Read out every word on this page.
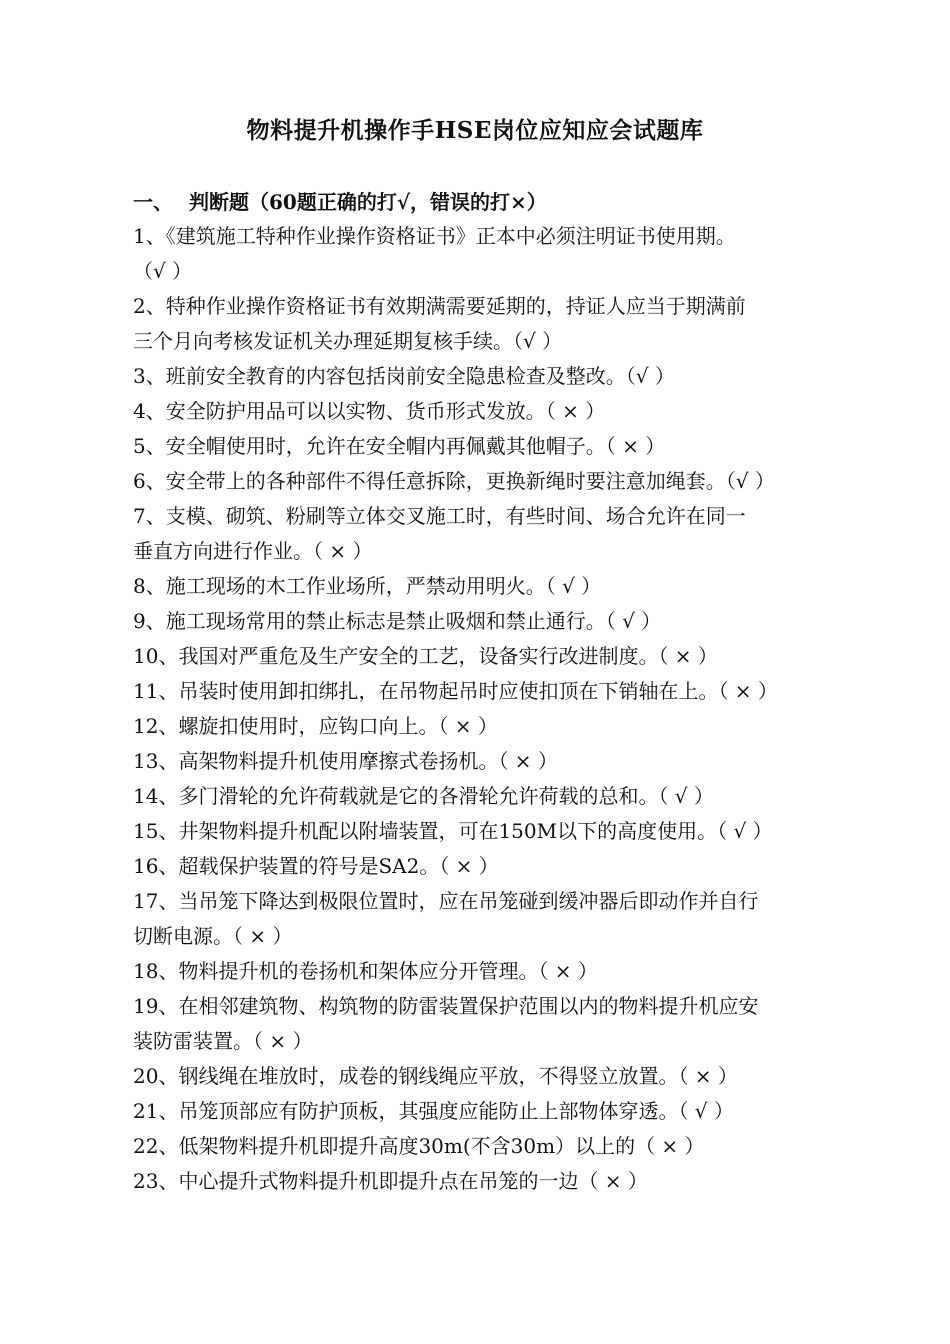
物料提升机操作手HSE岗位应知应会试题库
一、 判断题（60题正确的打√，错误的打×）
1、《建筑施工特种作业操作资格证书》正本中必须注明证书使用期。
（√ ）
2、特种作业操作资格证书有效期满需要延期的，持证人应当于期满前
三个月向考核发证机关办理延期复核手续。（√ ）
3、班前安全教育的内容包括岗前安全隐患检查及整改。（√ ）
4、安全防护用品可以以实物、货币形式发放。（ × ）
5、安全帽使用时，允许在安全帽内再佩戴其他帽子。（ × ）
6、安全带上的各种部件不得任意拆除，更换新绳时要注意加绳套。（√ ）
7、支模、砌筑、粉刷等立体交叉施工时，有些时间、场合允许在同一
垂直方向进行作业。（ × ）
8、施工现场的木工作业场所，严禁动用明火。（ √ ）
9、施工现场常用的禁止标志是禁止吸烟和禁止通行。（ √ ）
10、我国对严重危及生产安全的工艺，设备实行改进制度。（ × ）
11、吊装时使用卸扣绑扎，在吊物起吊时应使扣顶在下销轴在上。（ × ）
12、螺旋扣使用时，应钩口向上。（ × ）
13、高架物料提升机使用摩擦式卷扬机。（ × ）
14、多门滑轮的允许荷载就是它的各滑轮允许荷载的总和。（ √ ）
15、井架物料提升机配以附墙装置，可在150M以下的高度使用。（ √ ）
16、超载保护装置的符号是SA2。（ × ）
17、当吊笼下降达到极限位置时，应在吊笼碰到缓冲器后即动作并自行
切断电源。（ × ）
18、物料提升机的卷扬机和架体应分开管理。（ × ）
19、在相邻建筑物、构筑物的防雷装置保护范围以内的物料提升机应安
装防雷装置。（ × ）
20、钢线绳在堆放时，成卷的钢线绳应平放，不得竖立放置。（ × ）
21、吊笼顶部应有防护顶板，其强度应能防止上部物体穿透。（ √ ）
22、低架物料提升机即提升高度30m(不含30m）以上的（ × ）
23、中心提升式物料提升机即提升点在吊笼的一边（ × ）
